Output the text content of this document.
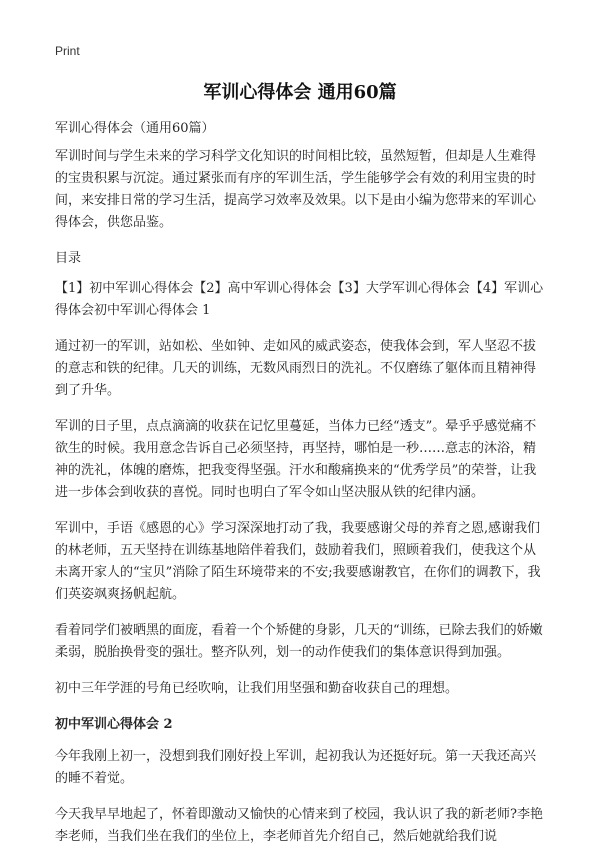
Print
军训心得体会 通用60篇

军训心得体会（通用60篇）

军训时间与学生未来的学习科学文化知识的时间相比较，虽然短暂，但却是人生难得的宝贵积累与沉淀。通过紧张而有序的军训生活，学生能够学会有效的利用宝贵的时间，来安排日常的学习生活，提高学习效率及效果。以下是由小编为您带来的军训心得体会，供您品鉴。

目录

【1】初中军训心得体会【2】高中军训心得体会【3】大学军训心得体会【4】军训心得体会初中军训心得体会 1

通过初一的军训，站如松、坐如钟、走如风的威武姿态，使我体会到，军人坚忍不拔的意志和铁的纪律。几天的训练，无数风雨烈日的洗礼。不仅磨练了躯体而且精神得到了升华。

军训的日子里，点点滴滴的收获在记忆里蔓延，当体力已经“透支”。晕乎乎感觉痛不欲生的时候。我用意念告诉自己必须坚持，再坚持，哪怕是一秒……意志的沐浴，精神的洗礼，体魄的磨炼，把我变得坚强。汗水和酸痛换来的“优秀学员”的荣誉，让我进一步体会到收获的喜悦。同时也明白了军令如山坚决服从铁的纪律内涵。

军训中，手语《感恩的心》学习深深地打动了我，我要感谢父母的养育之恩,感谢我们的林老师，五天坚持在训练基地陪伴着我们，鼓励着我们，照顾着我们，使我这个从未离开家人的“宝贝”消除了陌生环境带来的不安;我要感谢教官，在你们的调教下，我们英姿飒爽扬帆起航。

看着同学们被晒黑的面庞，看着一个个矫健的身影，几天的“训练，已除去我们的娇嫩柔弱，脱胎换骨变的强壮。整齐队列，划一的动作使我们的集体意识得到加强。

初中三年学涯的号角已经吹响，让我们用坚强和勤奋收获自己的理想。

初中军训心得体会 2

今年我刚上初一，没想到我们刚好投上军训，起初我认为还挺好玩。第一天我还高兴的睡不着觉。

今天我早早地起了，怀着即激动又愉快的心情来到了校园，我认识了我的新老师?李艳李老师，当我们坐在我们的坐位上，李老师首先介绍自己，然后她就给我们说
